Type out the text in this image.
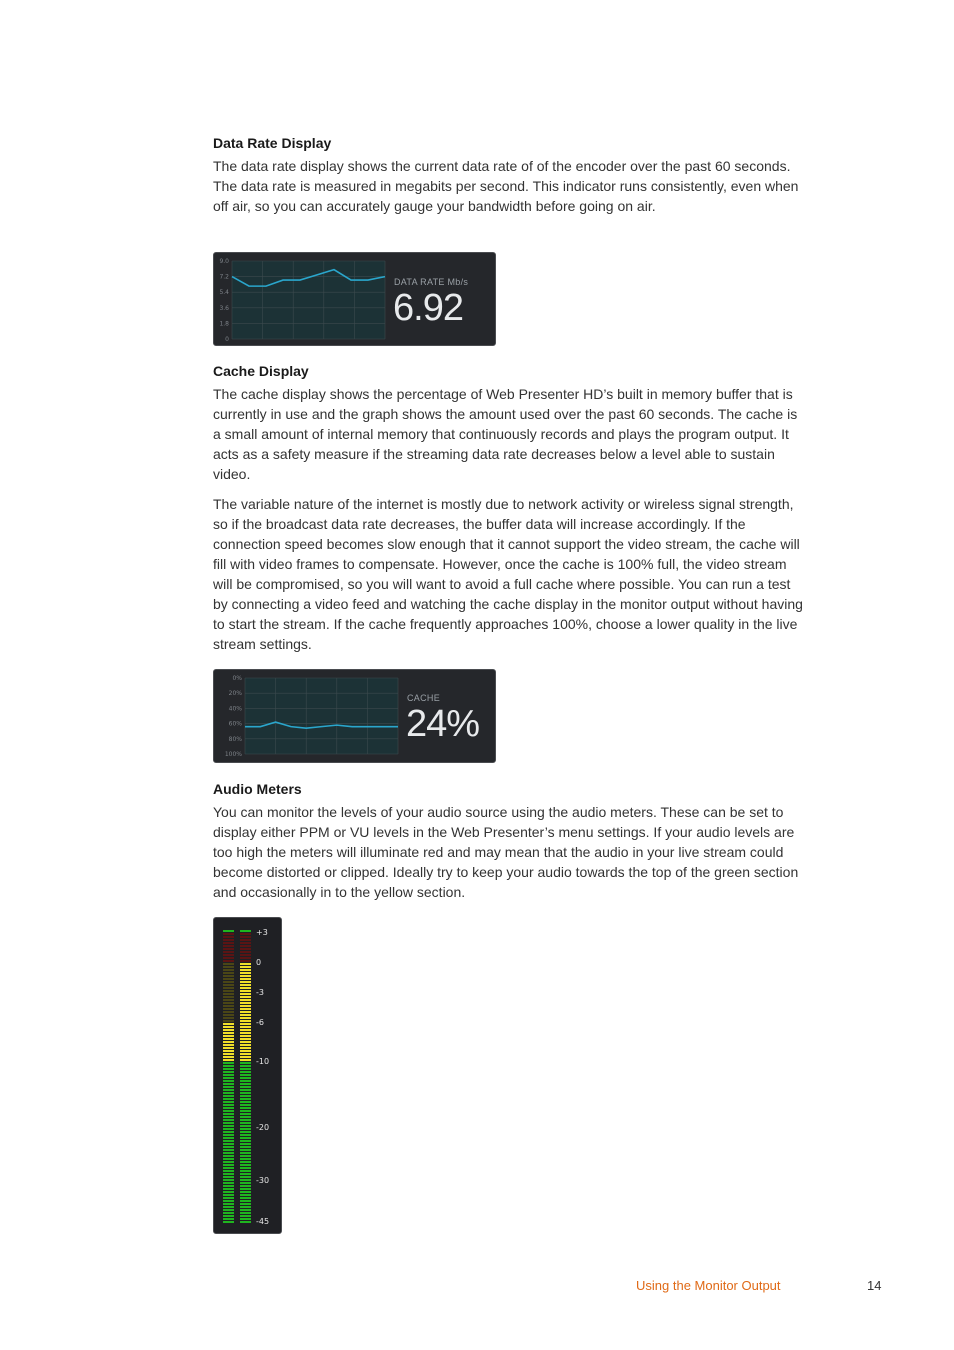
Data Rate Display

The data rate display shows the current data rate of of the encoder over the past 60 seconds. The data rate is measured in megabits per second. This indicator runs consistently, even when off air, so you can accurately gauge your bandwidth before going on air.

9.0
7.2
5.4
3.6
1.8
0
DATA RATE Mb/s
6.92
Cache Display

The cache display shows the percentage of Web Presenter HD’s built in memory buffer that is currently in use and the graph shows the amount used over the past 60 seconds. The cache is a small amount of internal memory that continuously records and plays the program output. It acts as a safety measure if the streaming data rate decreases below a level able to sustain video.

The variable nature of the internet is mostly due to network activity or wireless signal strength, so if the broadcast data rate decreases, the buffer data will increase accordingly. If the connection speed becomes slow enough that it cannot support the video stream, the cache will fill with video frames to compensate. However, once the cache is 100% full, the video stream will be compromised, so you will want to avoid a full cache where possible. You can run a test by connecting a video feed and watching the cache display in the monitor output without having to start the stream. If the cache frequently approaches 100%, choose a lower quality in the live stream settings.

0%
20%
40%
60%
80%
100%
CACHE
24%
Audio Meters

You can monitor the levels of your audio source using the audio meters. These can be set to display either PPM or VU levels in the Web Presenter’s menu settings. If your audio levels are too high the meters will illuminate red and may mean that the audio in your live stream could become distorted or clipped. Ideally try to keep your audio towards the top of the green section and occasionally in to the yellow section.

+3
0
-3
-6
-10
-20
-30
-45
Using the Monitor Output	14
